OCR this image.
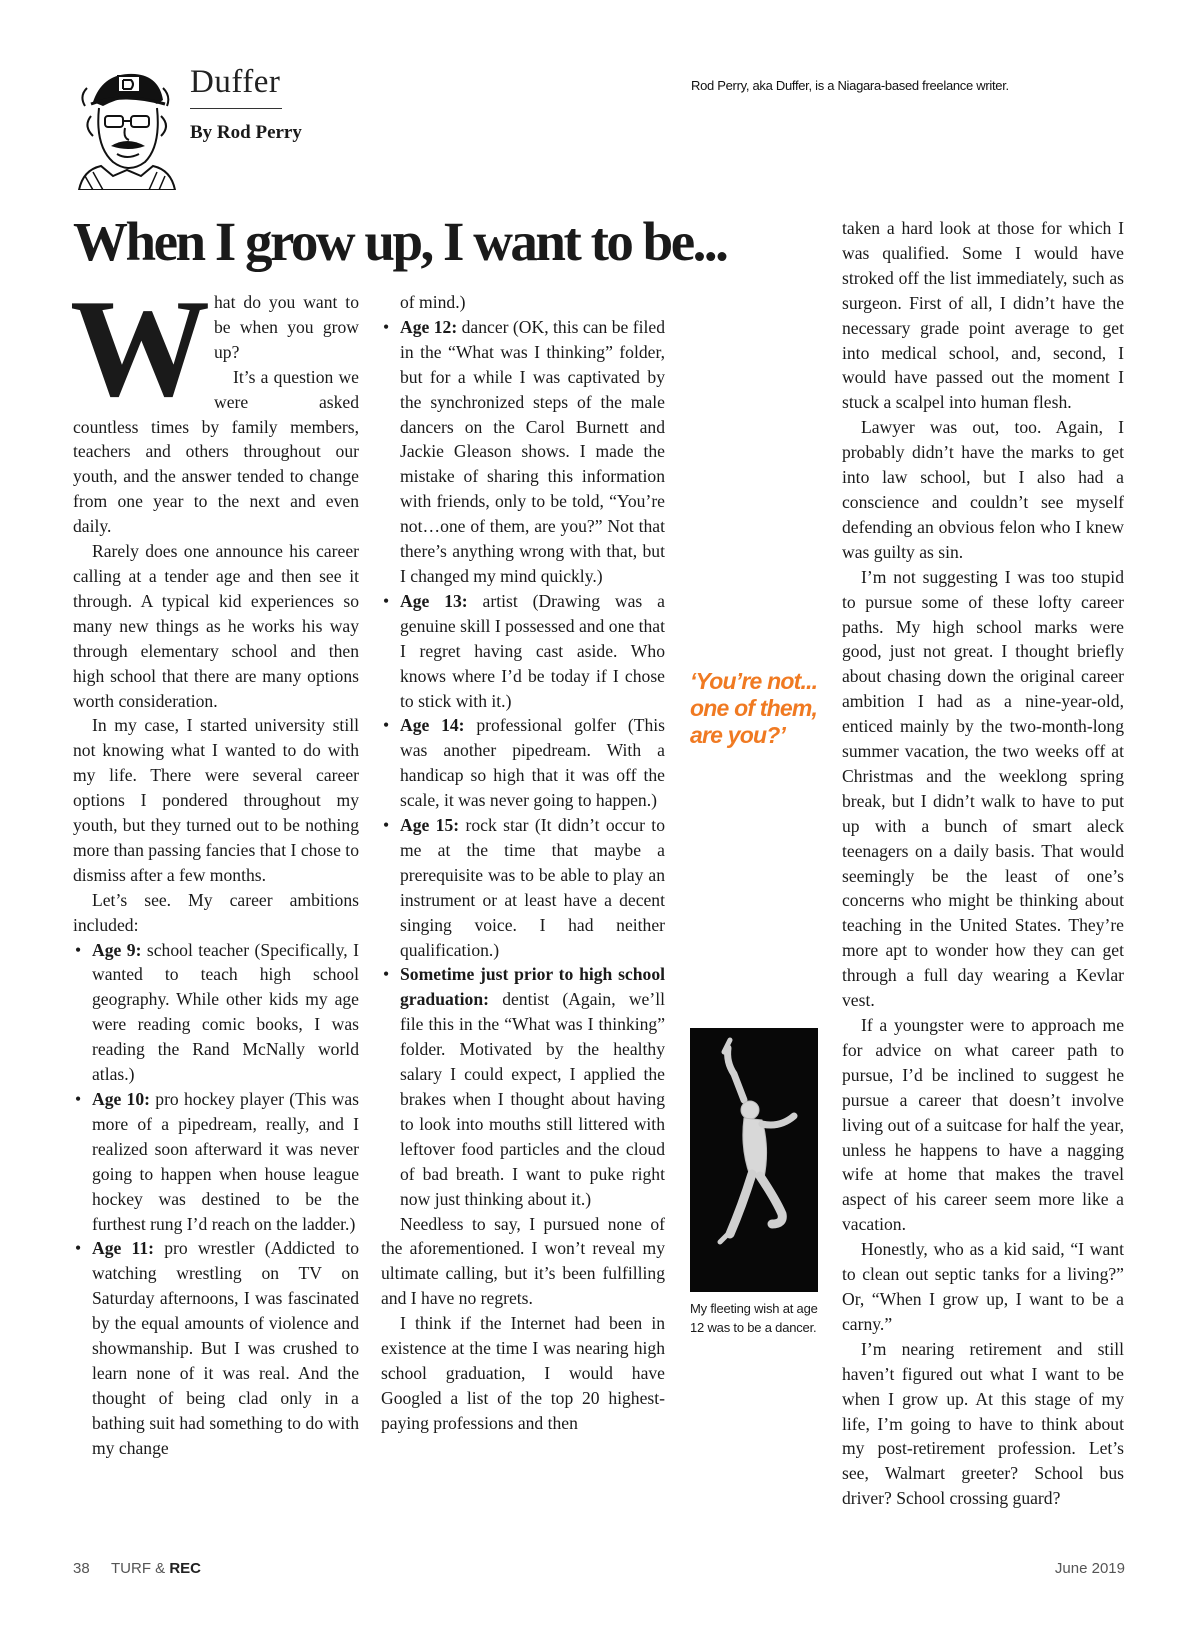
Duffer
By Rod Perry
Rod Perry, aka Duffer, is a Niagara-based freelance writer.
When I grow up, I want to be...

What do you want to be when you grow up?

It’s a question we were asked countless times by family members, teachers and others throughout our youth, and the answer tended to change from one year to the next and even daily.

Rarely does one announce his career calling at a tender age and then see it through. A typical kid experiences so many new things as he works his way through elementary school and then high school that there are many options worth consideration.

In my case, I started university still not knowing what I wanted to do with my life. There were several career options I pondered throughout my youth, but they turned out to be nothing more than passing fancies that I chose to dismiss after a few months.

Let’s see. My career ambitions included:

• Age 9: school teacher (Specifically, I wanted to teach high school geography. While other kids my age were reading comic books, I was reading the Rand McNally world atlas.)
• Age 10: pro hockey player (This was more of a pipedream, really, and I realized soon afterward it was never going to happen when house league hockey was destined to be the furthest rung I’d reach on the ladder.)
• Age 11: pro wrestler (Addicted to watching wrestling on TV on Saturday afternoons, I was fascinated by the equal amounts of violence and showmanship. But I was crushed to learn none of it was real. And the thought of being clad only in a bathing suit had something to do with my change

of mind.)

• Age 12: dancer (OK, this can be filed in the “What was I thinking” folder, but for a while I was captivated by the synchronized steps of the male dancers on the Carol Burnett and Jackie Gleason shows. I made the mistake of sharing this information with friends, only to be told, “You’re not…one of them, are you?” Not that there’s anything wrong with that, but I changed my mind quickly.)
• Age 13: artist (Drawing was a genuine skill I possessed and one that I regret having cast aside. Who knows where I’d be today if I chose to stick with it.)
• Age 14: professional golfer (This was another pipedream. With a handicap so high that it was off the scale, it was never going to happen.)
• Age 15: rock star (It didn’t occur to me at the time that maybe a prerequisite was to be able to play an instrument or at least have a decent singing voice. I had neither qualification.)
• Sometime just prior to high school graduation: dentist (Again, we’ll file this in the “What was I thinking” folder. Motivated by the healthy salary I could expect, I applied the brakes when I thought about having to look into mouths still littered with leftover food particles and the cloud of bad breath. I want to puke right now just thinking about it.)

Needless to say, I pursued none of the aforementioned. I won’t reveal my ultimate calling, but it’s been fulfilling and I have no regrets.

I think if the Internet had been in existence at the time I was nearing high school graduation, I would have Googled a list of the top 20 highest-paying professions and then

‘You’re not... one of them, are you?’
My fleeting wish at age 12 was to be a dancer.

taken a hard look at those for which I was qualified. Some I would have stroked off the list immediately, such as surgeon. First of all, I didn’t have the necessary grade point average to get into medical school, and, second, I would have passed out the moment I stuck a scalpel into human flesh.

Lawyer was out, too. Again, I probably didn’t have the marks to get into law school, but I also had a conscience and couldn’t see myself defending an obvious felon who I knew was guilty as sin.

I’m not suggesting I was too stupid to pursue some of these lofty career paths. My high school marks were good, just not great. I thought briefly about chasing down the original career ambition I had as a nine-year-old, enticed mainly by the two-month-long summer vacation, the two weeks off at Christmas and the weeklong spring break, but I didn’t walk to have to put up with a bunch of smart aleck teenagers on a daily basis. That would seemingly be the least of one’s concerns who might be thinking about teaching in the United States. They’re more apt to wonder how they can get through a full day wearing a Kevlar vest.

If a youngster were to approach me for advice on what career path to pursue, I’d be inclined to suggest he pursue a career that doesn’t involve living out of a suitcase for half the year, unless he happens to have a nagging wife at home that makes the travel aspect of his career seem more like a vacation.

Honestly, who as a kid said, “I want to clean out septic tanks for a living?” Or, “When I grow up, I want to be a carny.”

I’m nearing retirement and still haven’t figured out what I want to be when I grow up. At this stage of my life, I’m going to have to think about my post-retirement profession. Let’s see, Walmart greeter? School bus driver? School crossing guard?

38 TURF & REC	June 2019
